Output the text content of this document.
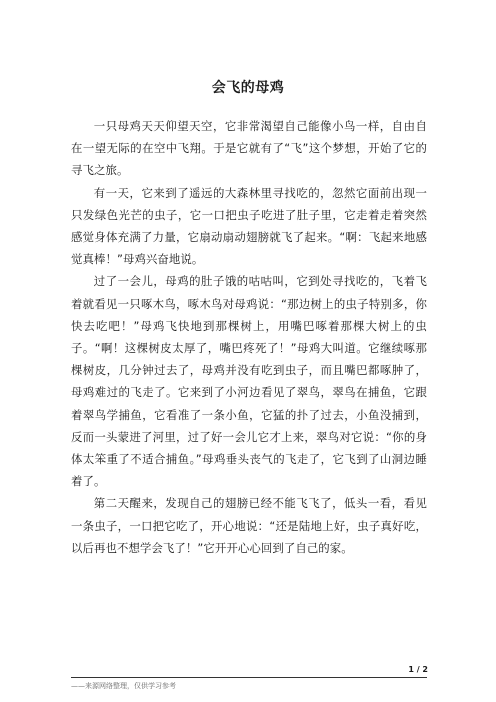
会飞的母鸡

一只母鸡天天仰望天空，它非常渴望自己能像小鸟一样，自由自在一望无际的在空中飞翔。于是它就有了“飞”这个梦想，开始了它的寻飞之旅。

有一天，它来到了遥远的大森林里寻找吃的，忽然它面前出现一只发绿色光芒的虫子，它一口把虫子吃进了肚子里，它走着走着突然感觉身体充满了力量，它扇动扇动翅膀就飞了起来。“啊：飞起来地感觉真棒！”母鸡兴奋地说。

过了一会儿，母鸡的肚子饿的咕咕叫，它到处寻找吃的，飞着飞着就看见一只啄木鸟，啄木鸟对母鸡说：“那边树上的虫子特别多，你快去吃吧！”母鸡飞快地到那棵树上，用嘴巴啄着那棵大树上的虫子。“啊！这棵树皮太厚了，嘴巴疼死了！”母鸡大叫道。它继续啄那棵树皮，几分钟过去了，母鸡并没有吃到虫子，而且嘴巴都啄肿了，母鸡难过的飞走了。它来到了小河边看见了翠鸟，翠鸟在捕鱼，它跟着翠鸟学捕鱼，它看准了一条小鱼，它猛的扑了过去，小鱼没捕到，反而一头蒙进了河里，过了好一会儿它才上来，翠鸟对它说：“你的身体太笨重了不适合捕鱼。”母鸡垂头丧气的飞走了，它飞到了山洞边睡着了。

第二天醒来，发现自己的翅膀已经不能飞飞了，低头一看，看见一条虫子，一口把它吃了，开心地说：“还是陆地上好，虫子真好吃，以后再也不想学会飞了！”它开开心心回到了自己的家。

1 / 2
——来源网络整理，仅供学习参考
